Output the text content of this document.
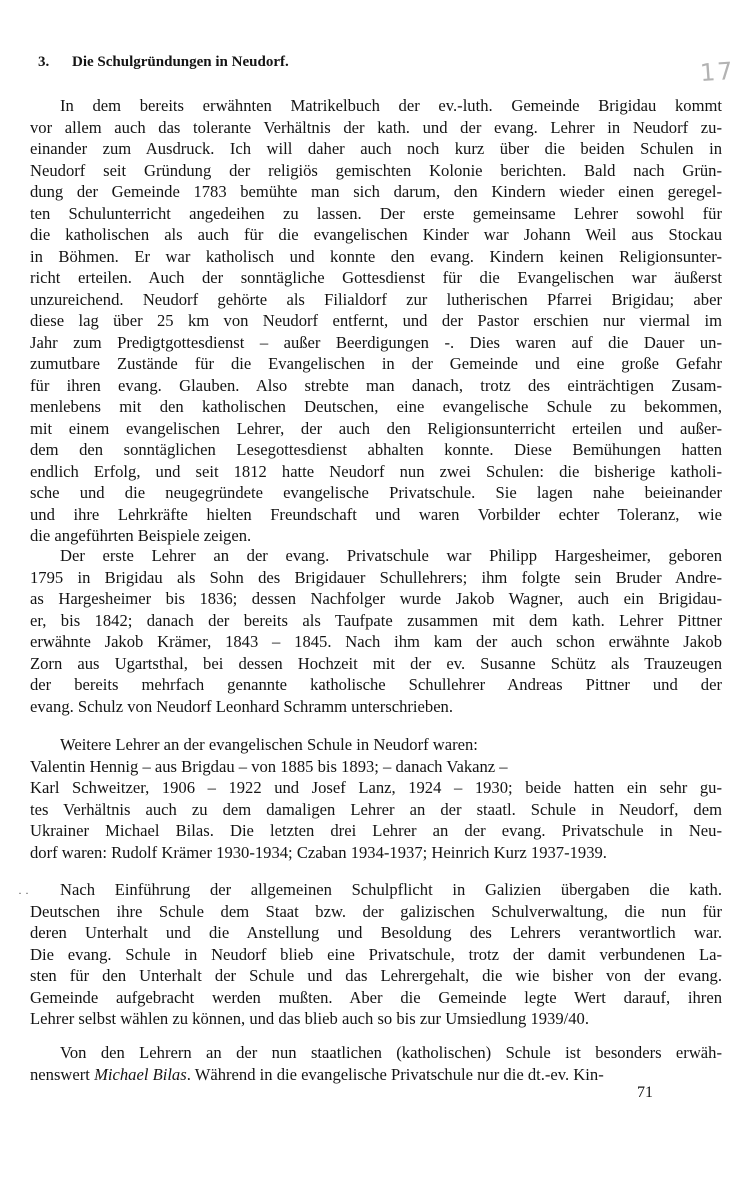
3. Die Schulgründungen in Neudorf.	17
In dem bereits erwähnten Matrikelbuch der ev.-luth. Gemeinde Brigidau kommt
vor allem auch das tolerante Verhältnis der kath. und der evang. Lehrer in Neudorf zu-
einander zum Ausdruck. Ich will daher auch noch kurz über die beiden Schulen in
Neudorf seit Gründung der religiös gemischten Kolonie berichten. Bald nach Grün-
dung der Gemeinde 1783 bemühte man sich darum, den Kindern wieder einen geregel-
ten Schulunterricht angedeihen zu lassen. Der erste gemeinsame Lehrer sowohl für
die katholischen als auch für die evangelischen Kinder war Johann Weil aus Stockau
in Böhmen. Er war katholisch und konnte den evang. Kindern keinen Religionsunter-
richt erteilen. Auch der sonntägliche Gottesdienst für die Evangelischen war äußerst
unzureichend. Neudorf gehörte als Filialdorf zur lutherischen Pfarrei Brigidau; aber
diese lag über 25 km von Neudorf entfernt, und der Pastor erschien nur viermal im
Jahr zum Predigtgottesdienst – außer Beerdigungen -. Dies waren auf die Dauer un-
zumutbare Zustände für die Evangelischen in der Gemeinde und eine große Gefahr
für ihren evang. Glauben. Also strebte man danach, trotz des einträchtigen Zusam-
menlebens mit den katholischen Deutschen, eine evangelische Schule zu bekommen,
mit einem evangelischen Lehrer, der auch den Religionsunterricht erteilen und außer-
dem den sonntäglichen Lesegottesdienst abhalten konnte. Diese Bemühungen hatten
endlich Erfolg, und seit 1812 hatte Neudorf nun zwei Schulen: die bisherige katholi-
sche und die neugegründete evangelische Privatschule. Sie lagen nahe beieinander
und ihre Lehrkräfte hielten Freundschaft und waren Vorbilder echter Toleranz, wie
die angeführten Beispiele zeigen.
Der erste Lehrer an der evang. Privatschule war Philipp Hargesheimer, geboren
1795 in Brigidau als Sohn des Brigidauer Schullehrers; ihm folgte sein Bruder Andre-
as Hargesheimer bis 1836; dessen Nachfolger wurde Jakob Wagner, auch ein Brigidau-
er, bis 1842; danach der bereits als Taufpate zusammen mit dem kath. Lehrer Pittner
erwähnte Jakob Krämer, 1843 – 1845. Nach ihm kam der auch schon erwähnte Jakob
Zorn aus Ugartsthal, bei dessen Hochzeit mit der ev. Susanne Schütz als Trauzeugen
der bereits mehrfach genannte katholische Schullehrer Andreas Pittner und der
evang. Schulz von Neudorf Leonhard Schramm unterschrieben.
Weitere Lehrer an der evangelischen Schule in Neudorf waren:
Valentin Hennig – aus Brigdau – von 1885 bis 1893; – danach Vakanz –
Karl Schweitzer, 1906 – 1922 und Josef Lanz, 1924 – 1930; beide hatten ein sehr gu-
tes Verhältnis auch zu dem damaligen Lehrer an der staatl. Schule in Neudorf, dem
Ukrainer Michael Bilas. Die letzten drei Lehrer an der evang. Privatschule in Neu-
dorf waren: Rudolf Krämer 1930-1934; Czaban 1934-1937; Heinrich Kurz 1937-1939.
Nach Einführung der allgemeinen Schulpflicht in Galizien übergaben die kath.
Deutschen ihre Schule dem Staat bzw. der galizischen Schulverwaltung, die nun für
deren Unterhalt und die Anstellung und Besoldung des Lehrers verantwortlich war.
Die evang. Schule in Neudorf blieb eine Privatschule, trotz der damit verbundenen La-
sten für den Unterhalt der Schule und das Lehrergehalt, die wie bisher von der evang.
Gemeinde aufgebracht werden mußten. Aber die Gemeinde legte Wert darauf, ihren
Lehrer selbst wählen zu können, und das blieb auch so bis zur Umsiedlung 1939/40.
Von den Lehrern an der nun staatlichen (katholischen) Schule ist besonders erwäh-
nenswert Michael Bilas. Während in die evangelische Privatschule nur die dt.-ev. Kin-
· ·
71
